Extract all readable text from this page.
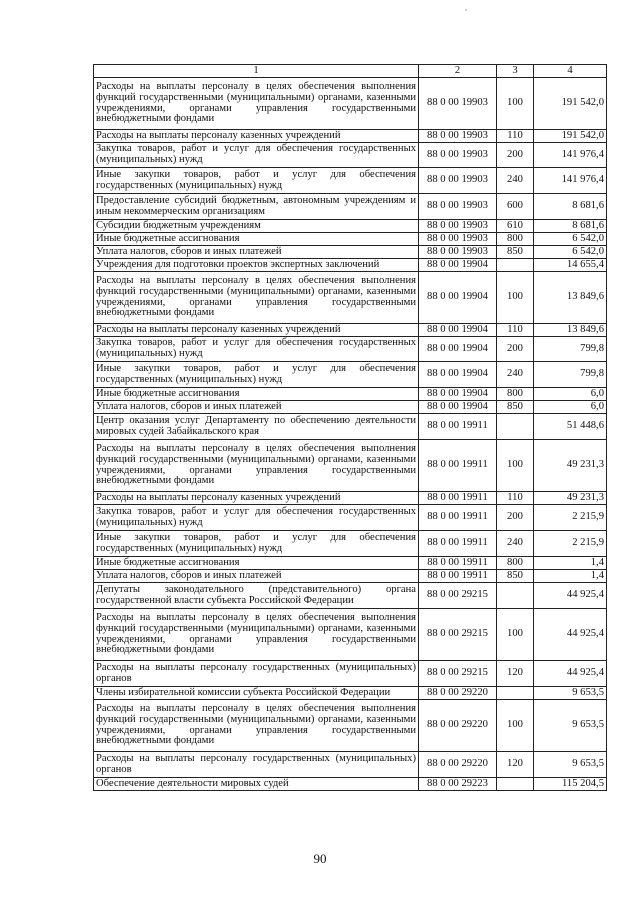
,
1	2	3	4
Расходы на выплаты персоналу в целях обеспечения выполнения функций государственными (муниципальными) органами, казенными учреждениями, органами управления государственными внебюджетными фондами	88 0 00 19903	100	191 542,0
Расходы на выплаты персоналу казенных учреждений	88 0 00 19903	110	191 542,0
Закупка товаров, работ и услуг для обеспечения государственных (муниципальных) нужд	88 0 00 19903	200	141 976,4
Иные закупки товаров, работ и услуг для обеспечения государственных (муниципальных) нужд	88 0 00 19903	240	141 976,4
Предоставление субсидий бюджетным, автономным учреждениям и иным некоммерческим организациям	88 0 00 19903	600	8 681,6
Субсидии бюджетным учреждениям	88 0 00 19903	610	8 681,6
Иные бюджетные ассигнования	88 0 00 19903	800	6 542,0
Уплата налогов, сборов и иных платежей	88 0 00 19903	850	6 542,0
Учреждения для подготовки проектов экспертных заключений	88 0 00 19904		14 655,4
Расходы на выплаты персоналу в целях обеспечения выполнения функций государственными (муниципальными) органами, казенными учреждениями, органами управления государственными внебюджетными фондами	88 0 00 19904	100	13 849,6
Расходы на выплаты персоналу казенных учреждений	88 0 00 19904	110	13 849,6
Закупка товаров, работ и услуг для обеспечения государственных (муниципальных) нужд	88 0 00 19904	200	799,8
Иные закупки товаров, работ и услуг для обеспечения государственных (муниципальных) нужд	88 0 00 19904	240	799,8
Иные бюджетные ассигнования	88 0 00 19904	800	6,0
Уплата налогов, сборов и иных платежей	88 0 00 19904	850	6,0
Центр оказания услуг Департаменту по обеспечению деятельности мировых судей Забайкальского края	88 0 00 19911		51 448,6
Расходы на выплаты персоналу в целях обеспечения выполнения функций государственными (муниципальными) органами, казенными учреждениями, органами управления государственными внебюджетными фондами	88 0 00 19911	100	49 231,3
Расходы на выплаты персоналу казенных учреждений	88 0 00 19911	110	49 231,3
Закупка товаров, работ и услуг для обеспечения государственных (муниципальных) нужд	88 0 00 19911	200	2 215,9
Иные закупки товаров, работ и услуг для обеспечения государственных (муниципальных) нужд	88 0 00 19911	240	2 215,9
Иные бюджетные ассигнования	88 0 00 19911	800	1,4
Уплата налогов, сборов и иных платежей	88 0 00 19911	850	1,4
Депутаты законодательного (представительного) органа государственной власти субъекта Российской Федерации	88 0 00 29215		44 925,4
Расходы на выплаты персоналу в целях обеспечения выполнения функций государственными (муниципальными) органами, казенными учреждениями, органами управления государственными внебюджетными фондами	88 0 00 29215	100	44 925,4
Расходы на выплаты персоналу государственных (муниципальных) органов	88 0 00 29215	120	44 925,4
Члены избирательной комиссии субъекта Российской Федерации	88 0 00 29220		9 653,5
Расходы на выплаты персоналу в целях обеспечения выполнения функций государственными (муниципальными) органами, казенными учреждениями, органами управления государственными внебюджетными фондами	88 0 00 29220	100	9 653,5
Расходы на выплаты персоналу государственных (муниципальных) органов	88 0 00 29220	120	9 653,5
Обеспечение деятельности мировых судей	88 0 00 29223		115 204,5
90
